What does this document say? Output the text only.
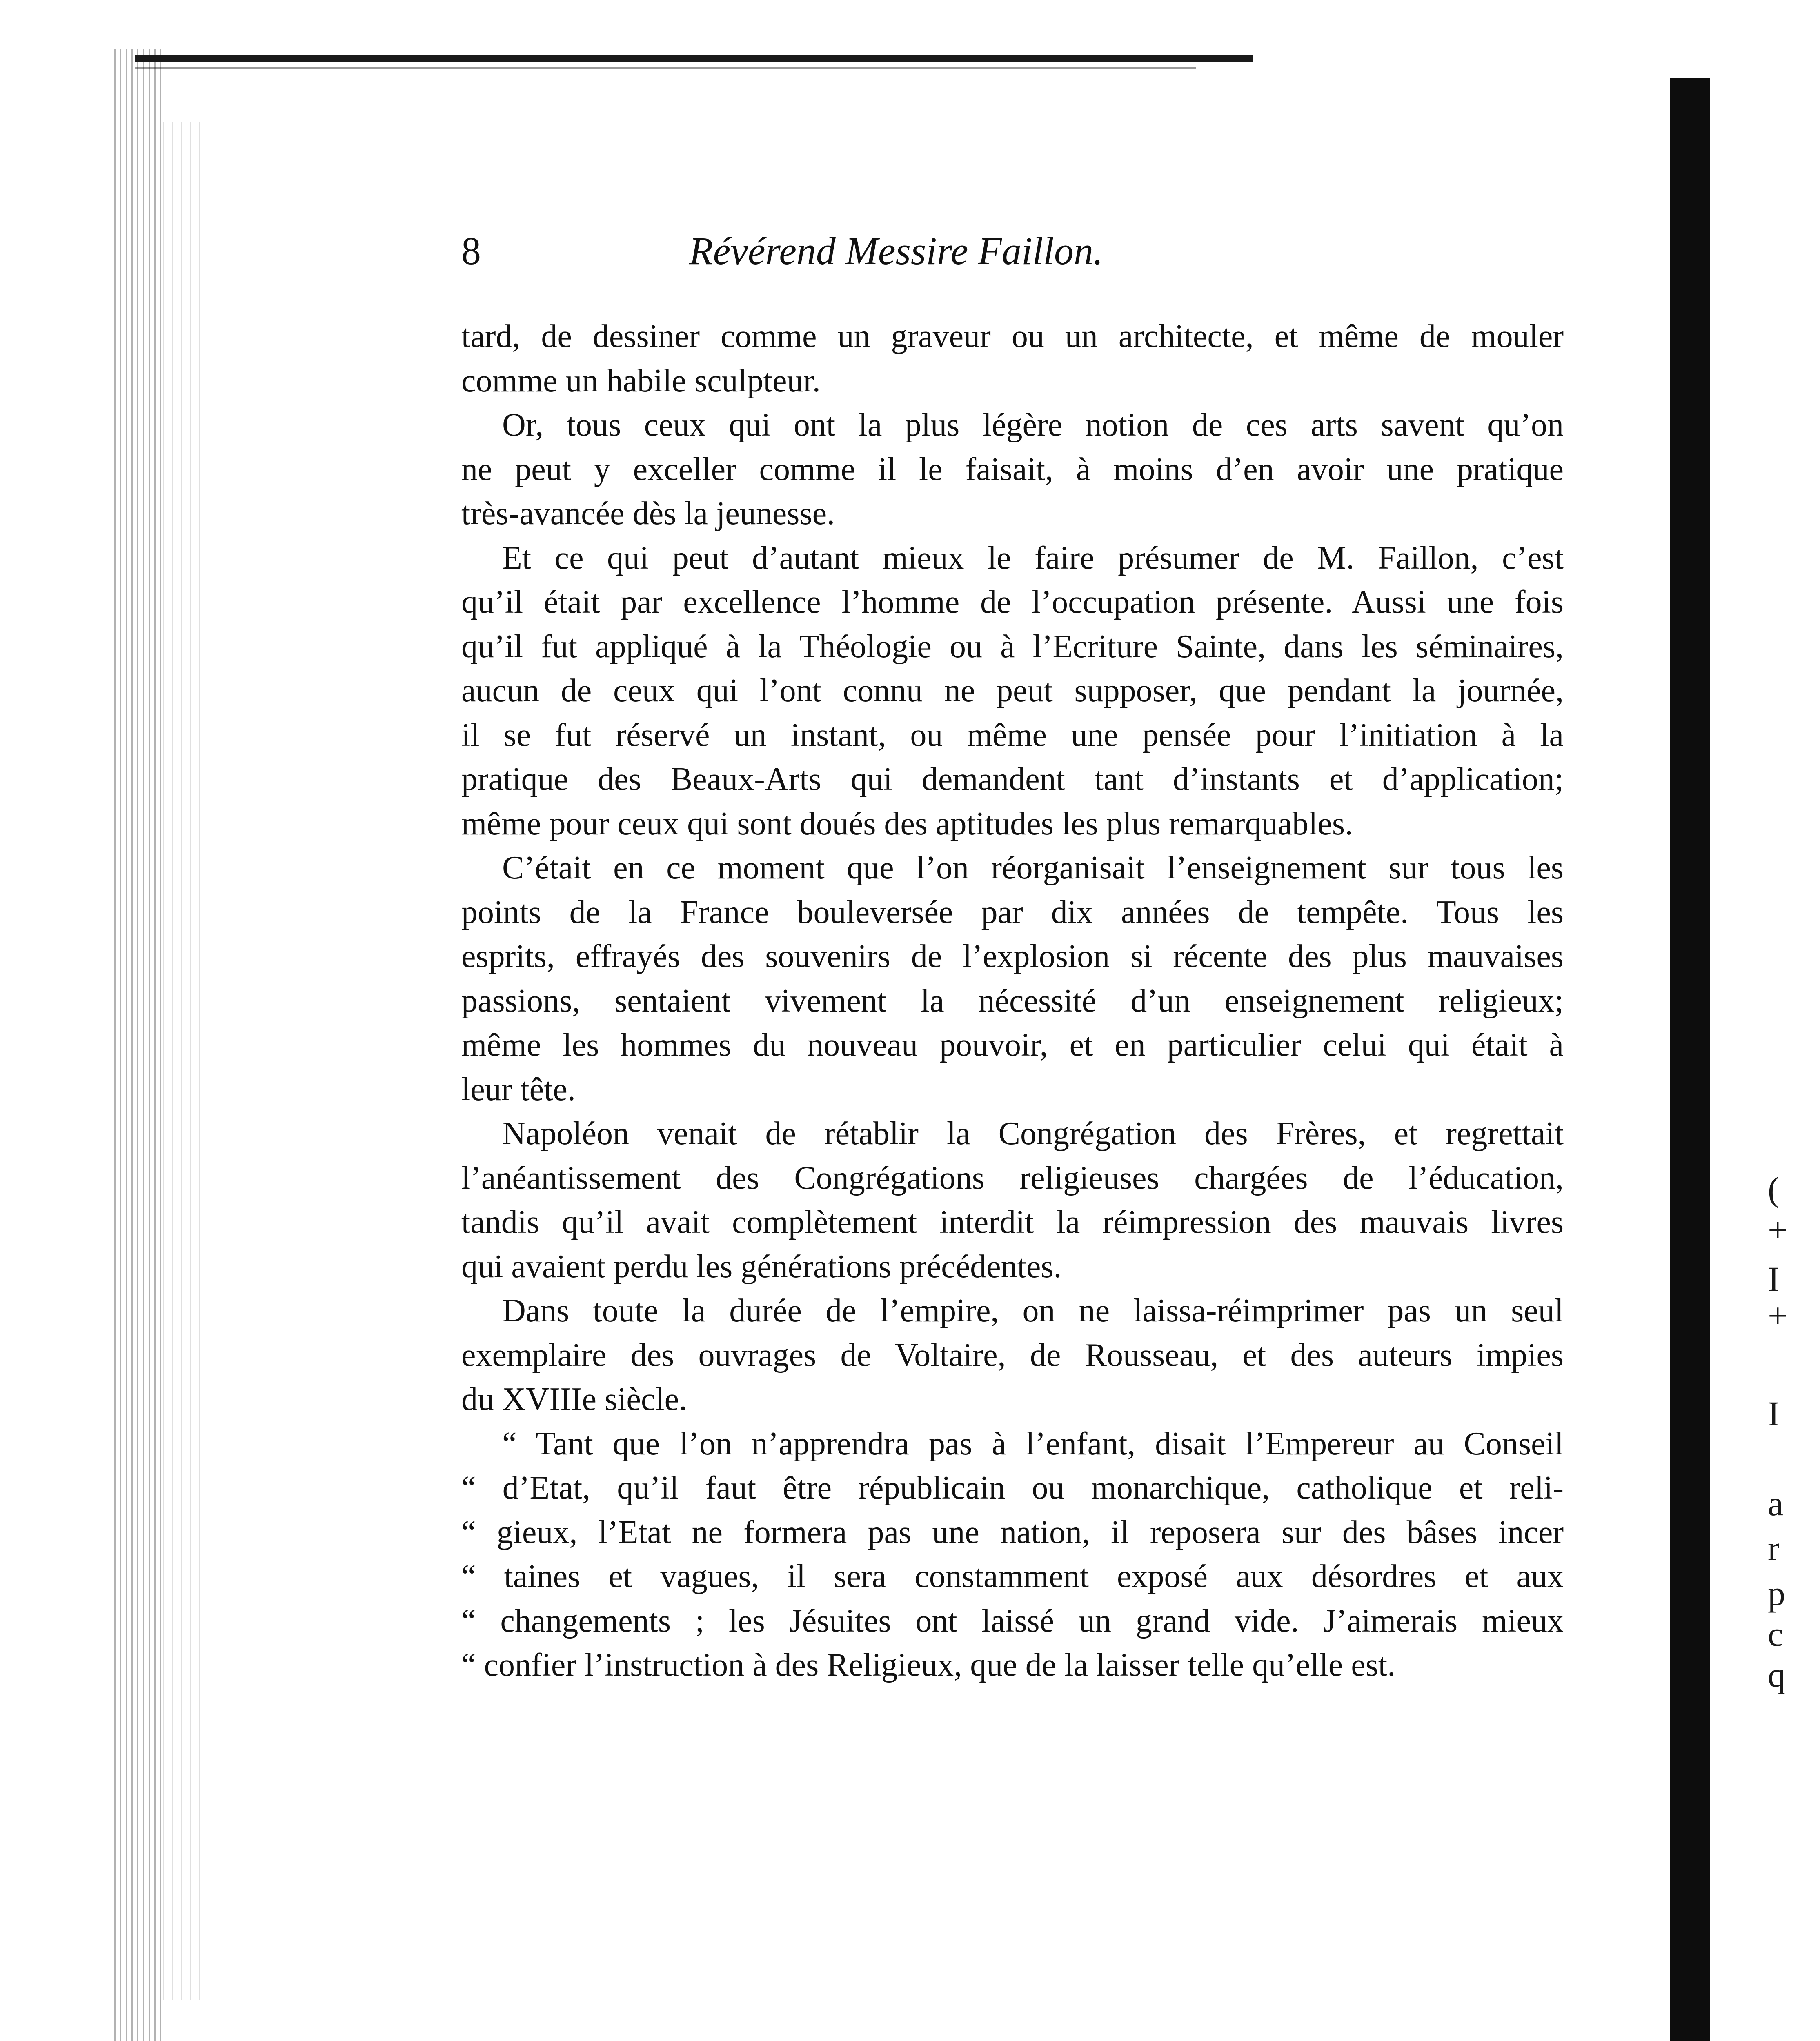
(
+
I
+
I
a
r
p
c
q
8	Révérend Messire Faillon.
tard, de dessiner comme un graveur ou un architecte, et même de mouler
comme un habile sculpteur.
Or, tous ceux qui ont la plus légère notion de ces arts savent qu’on
ne peut y exceller comme il le faisait, à moins d’en avoir une pratique
très-avancée dès la jeunesse.
Et ce qui peut d’autant mieux le faire présumer de M. Faillon, c’est
qu’il était par excellence l’homme de l’occupation présente. Aussi une fois
qu’il fut appliqué à la Théologie ou à l’Ecriture Sainte, dans les séminaires,
aucun de ceux qui l’ont connu ne peut supposer, que pendant la journée,
il se fut réservé un instant, ou même une pensée pour l’initiation à la
pratique des Beaux-Arts qui demandent tant d’instants et d’application;
même pour ceux qui sont doués des aptitudes les plus remarquables.
C’était en ce moment que l’on réorganisait l’enseignement sur tous les
points de la France bouleversée par dix années de tempête. Tous les
esprits, effrayés des souvenirs de l’explosion si récente des plus mauvaises
passions, sentaient vivement la nécessité d’un enseignement religieux;
même les hommes du nouveau pouvoir, et en particulier celui qui était à
leur tête.
Napoléon venait de rétablir la Congrégation des Frères, et regrettait
l’anéantissement des Congrégations religieuses chargées de l’éducation,
tandis qu’il avait complètement interdit la réimpression des mauvais livres
qui avaient perdu les générations précédentes.
Dans toute la durée de l’empire, on ne laissa-réimprimer pas un seul
exemplaire des ouvrages de Voltaire, de Rousseau, et des auteurs impies
du XVIIIe siècle.
“ Tant que l’on n’apprendra pas à l’enfant, disait l’Empereur au Conseil
“ d’Etat, qu’il faut être républicain ou monarchique, catholique et reli-
“ gieux, l’Etat ne formera pas une nation, il reposera sur des bâses incer
“ taines et vagues, il sera constamment exposé aux désordres et aux
“ changements ; les Jésuites ont laissé un grand vide. J’aimerais mieux
“ confier l’instruction à des Religieux, que de la laisser telle qu’elle est.
